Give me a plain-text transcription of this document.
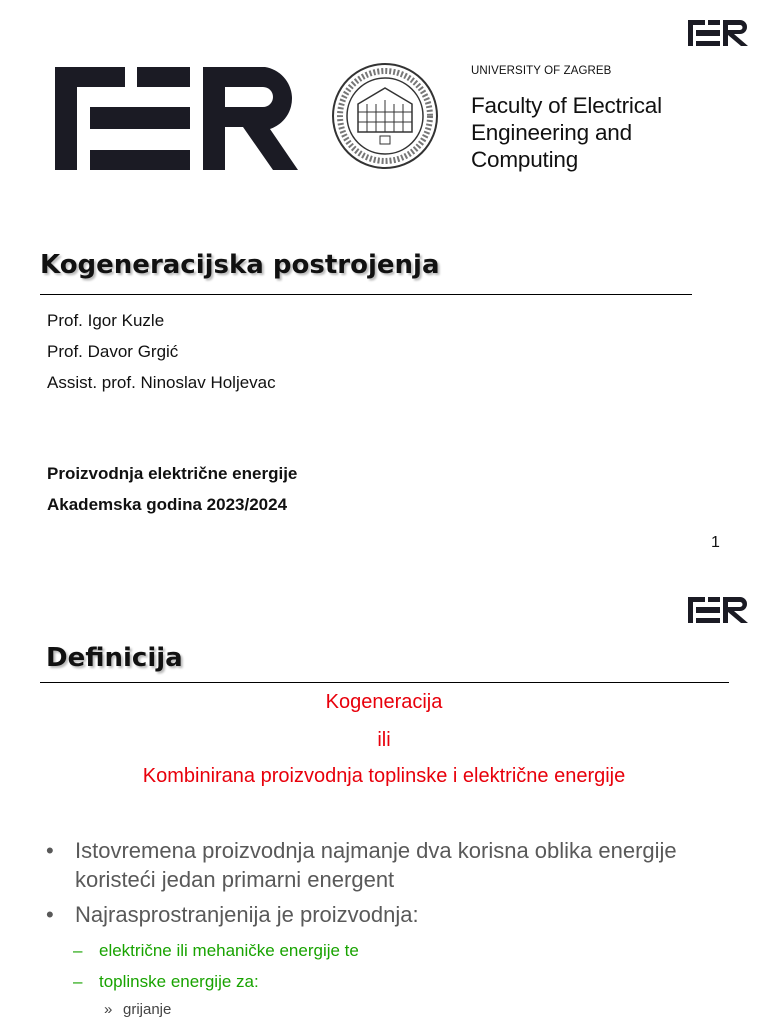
UNIVERSITY OF ZAGREB
Faculty of Electrical
Engineering and
Computing
Kogeneracijska postrojenja
Prof. Igor Kuzle
Prof. Davor Grgić
Assist. prof. Ninoslav Holjevac
Proizvodnja električne energije
Akademska godina 2023/2024
1
Definicija
Kogeneracija
ili
Kombinirana proizvodnja toplinske i električne energije
• Istovremena proizvodnja najmanje dva korisna oblika energije koristeći jedan primarni energent
• Najrasprostranjenija je proizvodnja:
– električne ili mehaničke energije te
– toplinske energije za:
» grijanje
